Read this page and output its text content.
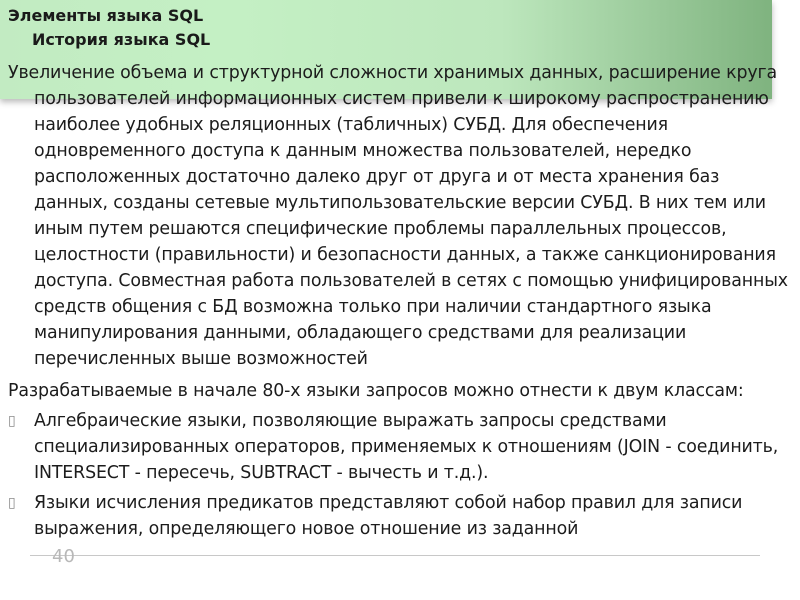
Элементы языка SQL
История языка SQL

Увеличение объема и структурной сложности хранимых данных, расширение круга пользователей информационных систем привели к широкому распространению наиболее удобных реляционных (табличных) СУБД. Для обеспечения одновременного доступа к данным множества пользователей, нередко расположенных достаточно далеко друг от друга и от места хранения баз данных, созданы сетевые мультипользовательские версии СУБД. В них тем или иным путем решаются специфические проблемы параллельных процессов, целостности (правильности) и безопасности данных, а также санкционирования доступа. Совместная работа пользователей в сетях с помощью унифицированных средств общения с БД возможна только при наличии стандартного языка манипулирования данными, обладающего средствами для реализации перечисленных выше возможностей

Разрабатываемые в начале 80-х языки запросов можно отнести к двум классам:

▯	Алгебраические языки, позволяющие выражать запросы средствами специализированных операторов, применяемых к отношениям (JOIN - соединить, INTERSECT - пересечь, SUBTRACT - вычесть и т.д.).
▯	Языки исчисления предикатов представляют собой набор правил для записи выражения, определяющего новое отношение из заданной
40
